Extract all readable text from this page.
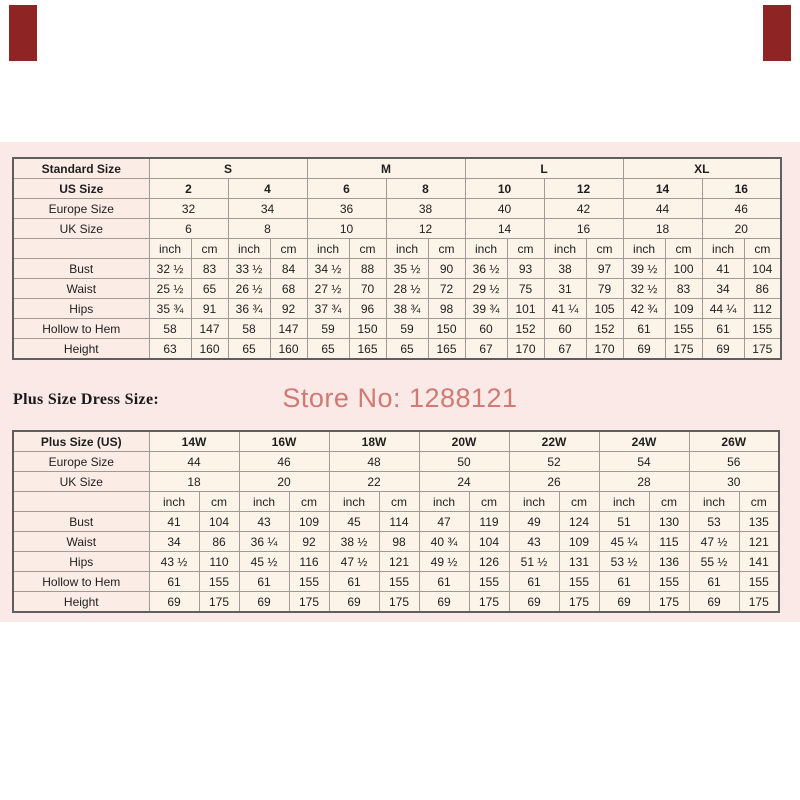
Standard Size	S				M				L				XL			
US Size	2		4		6		8		10		12		14		16	
Europe Size	32		34		36		38		40		42		44		46	
UK Size	6		8		10		12		14		16		18		20	
	inch	cm	inch	cm	inch	cm	inch	cm	inch	cm	inch	cm	inch	cm	inch	cm
Bust	32 ½	83	33 ½	84	34 ½	88	35 ½	90	36 ½	93	38	97	39 ½	100	41	104
Waist	25 ½	65	26 ½	68	27 ½	70	28 ½	72	29 ½	75	31	79	32 ½	83	34	86
Hips	35 ¾	91	36 ¾	92	37 ¾	96	38 ¾	98	39 ¾	101	41 ¼	105	42 ¾	109	44 ¼	112
Hollow to Hem	58	147	58	147	59	150	59	150	60	152	60	152	61	155	61	155
Height	63	160	65	160	65	165	65	165	67	170	67	170	69	175	69	175
Plus Size Dress Size:	Store No: 1288121
Plus Size (US)	14W		16W		18W		20W		22W		24W		26W	
Europe Size	44		46		48		50		52		54		56	
UK Size	18		20		22		24		26		28		30	
	inch	cm	inch	cm	inch	cm	inch	cm	inch	cm	inch	cm	inch	cm
Bust	41	104	43	109	45	114	47	119	49	124	51	130	53	135
Waist	34	86	36 ¼	92	38 ½	98	40 ¾	104	43	109	45 ¼	115	47 ½	121
Hips	43 ½	110	45 ½	116	47 ½	121	49 ½	126	51 ½	131	53 ½	136	55 ½	141
Hollow to Hem	61	155	61	155	61	155	61	155	61	155	61	155	61	155
Height	69	175	69	175	69	175	69	175	69	175	69	175	69	175
